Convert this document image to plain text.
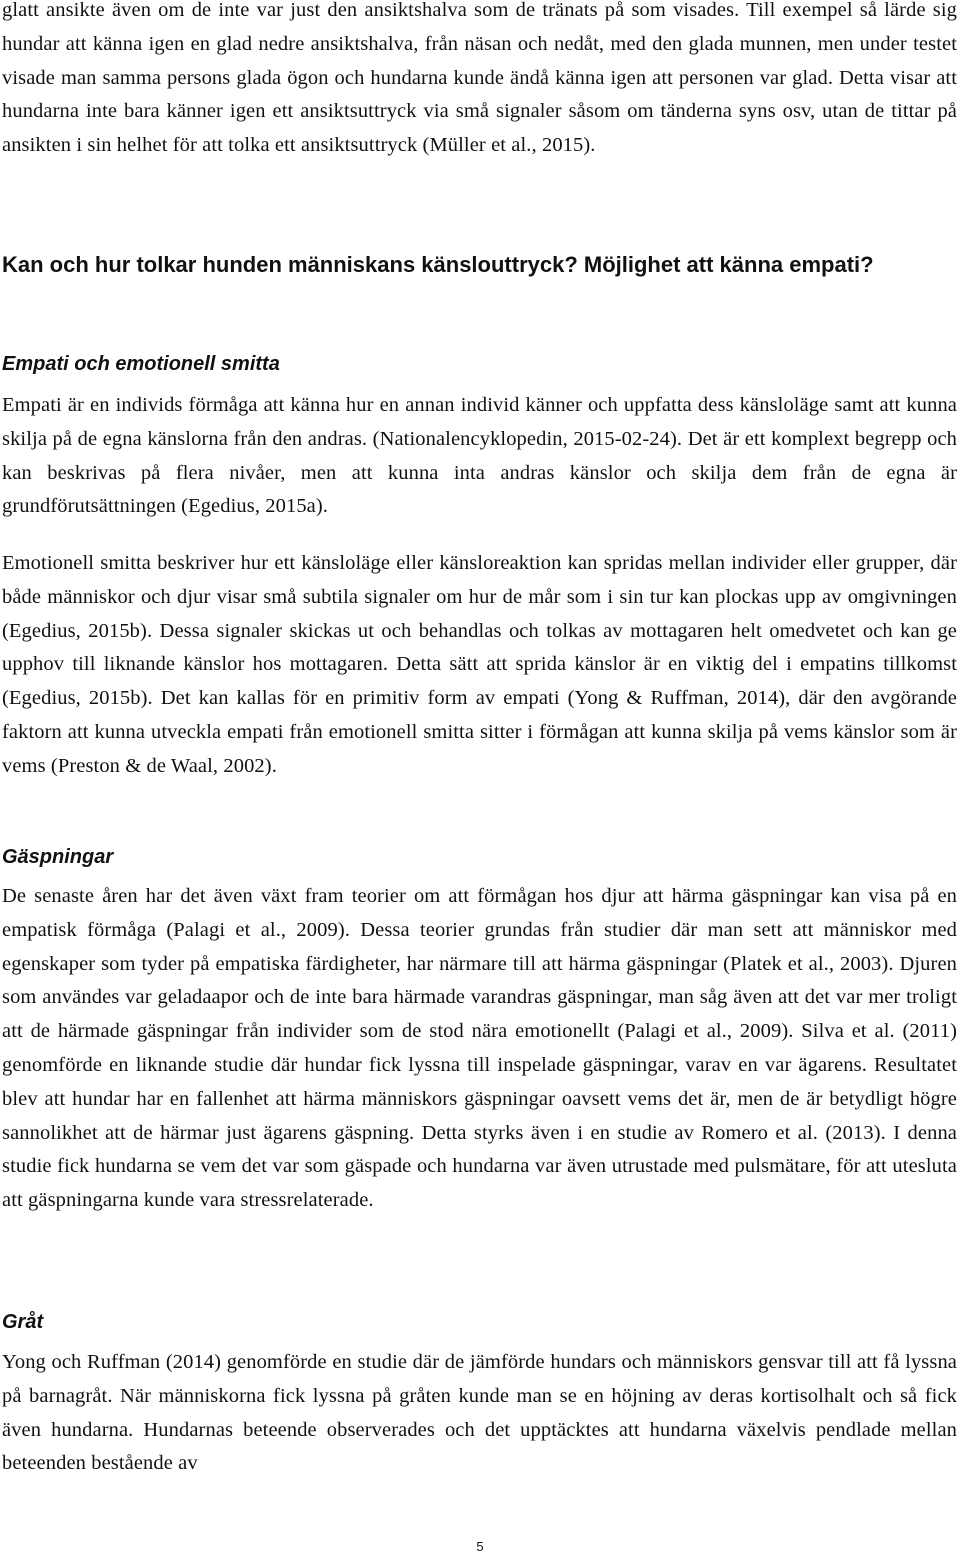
glatt ansikte även om de inte var just den ansiktshalva som de tränats på som visades. Till exempel så lärde sig hundar att känna igen en glad nedre ansiktshalva, från näsan och nedåt, med den glada munnen, men under testet visade man samma persons glada ögon och hundarna kunde ändå känna igen att personen var glad. Detta visar att hundarna inte bara känner igen ett ansiktsuttryck via små signaler såsom om tänderna syns osv, utan de tittar på ansikten i sin helhet för att tolka ett ansiktsuttryck (Müller et al., 2015).

Kan och hur tolkar hunden människans känslouttryck? Möjlighet att känna empati?
Empati och emotionell smitta

Empati är en individs förmåga att känna hur en annan individ känner och uppfatta dess känsloläge samt att kunna skilja på de egna känslorna från den andras. (Nationalencyklopedin, 2015-02-24). Det är ett komplext begrepp och kan beskrivas på flera nivåer, men att kunna inta andras känslor och skilja dem från de egna är grundförutsättningen (Egedius, 2015a).

Emotionell smitta beskriver hur ett känsloläge eller känsloreaktion kan spridas mellan individer eller grupper, där både människor och djur visar små subtila signaler om hur de mår som i sin tur kan plockas upp av omgivningen (Egedius, 2015b). Dessa signaler skickas ut och behandlas och tolkas av mottagaren helt omedvetet och kan ge upphov till liknande känslor hos mottagaren. Detta sätt att sprida känslor är en viktig del i empatins tillkomst (Egedius, 2015b). Det kan kallas för en primitiv form av empati (Yong & Ruffman, 2014), där den avgörande faktorn att kunna utveckla empati från emotionell smitta sitter i förmågan att kunna skilja på vems känslor som är vems (Preston & de Waal, 2002).

Gäspningar

De senaste åren har det även växt fram teorier om att förmågan hos djur att härma gäspningar kan visa på en empatisk förmåga (Palagi et al., 2009). Dessa teorier grundas från studier där man sett att människor med egenskaper som tyder på empatiska färdigheter, har närmare till att härma gäspningar (Platek et al., 2003). Djuren som användes var geladaapor och de inte bara härmade varandras gäspningar, man såg även att det var mer troligt att de härmade gäspningar från individer som de stod nära emotionellt (Palagi et al., 2009). Silva et al. (2011) genomförde en liknande studie där hundar fick lyssna till inspelade gäspningar, varav en var ägarens. Resultatet blev att hundar har en fallenhet att härma människors gäspningar oavsett vems det är, men de är betydligt högre sannolikhet att de härmar just ägarens gäspning. Detta styrks även i en studie av Romero et al. (2013). I denna studie fick hundarna se vem det var som gäspade och hundarna var även utrustade med pulsmätare, för att utesluta att gäspningarna kunde vara stressrelaterade.

Gråt

Yong och Ruffman (2014) genomförde en studie där de jämförde hundars och människors gensvar till att få lyssna på barnagråt. När människorna fick lyssna på gråten kunde man se en höjning av deras kortisolhalt och så fick även hundarna. Hundarnas beteende observerades och det upptäcktes att hundarna växelvis pendlade mellan beteenden bestående av

5
